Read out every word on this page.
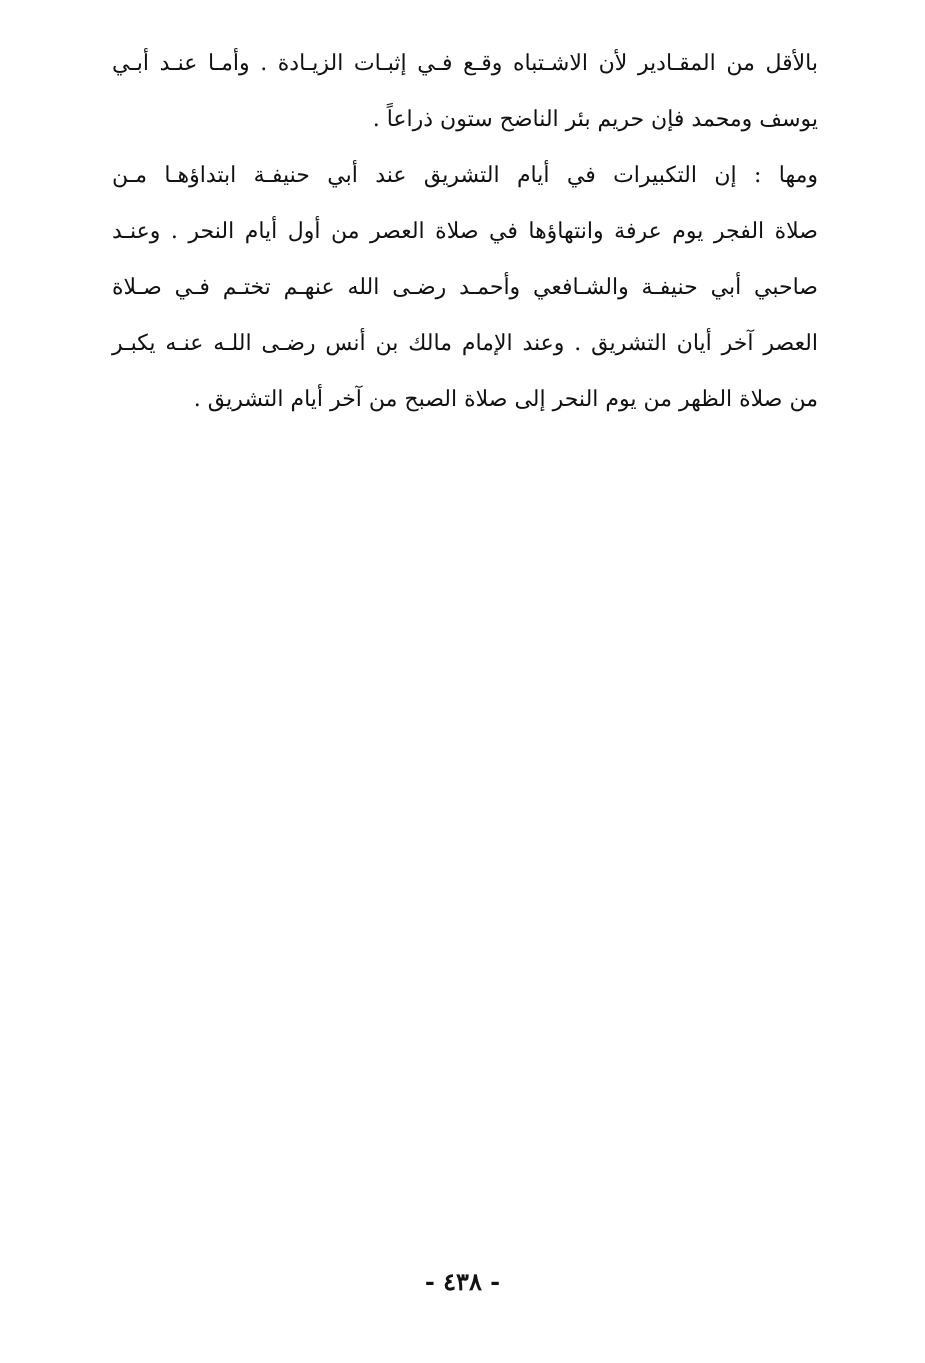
بالأقل من المقـادير لأن الاشـتباه وقـع فـي إثبـات الزيـادة . وأمـا عنـد أبـي
يوسف ومحمد فإن حريم بئر الناضح ستون ذراعاً .
ومها : إن التكبيرات في أيام التشريق عند أبي حنيفـة ابتداؤهـا مـن
صلاة الفجر يوم عرفة وانتهاؤها في صلاة العصر من أول أيام النحر . وعنـد
صاحبي أبي حنيفـة والشـافعي وأحمـد رضـى الله عنهـم تختـم فـي صـلاة
العصر آخر أيان التشريق . وعند الإمام مالك بن أنس رضـى اللـه عنـه يكبـر
من صلاة الظهر من يوم النحر إلى صلاة الصبح من آخر أيام التشريق .
- ٤٣٨ -
